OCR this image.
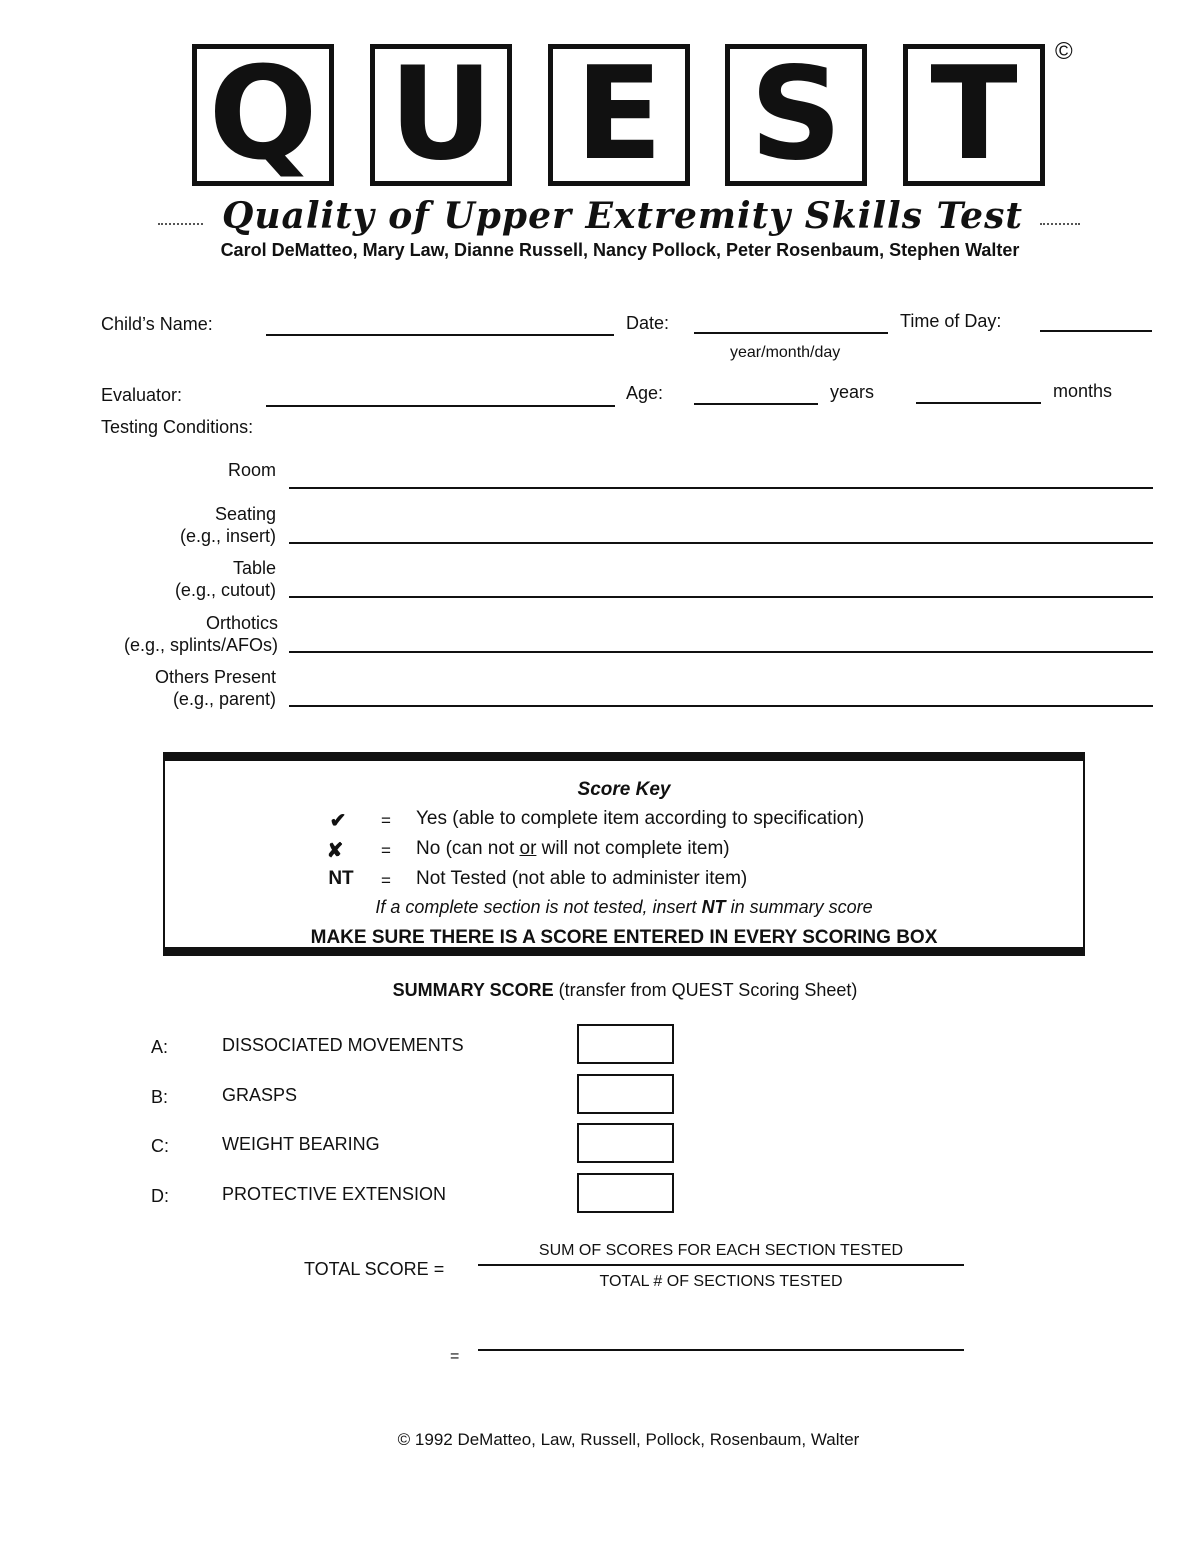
Q U E S T	©
Quality of Upper Extremity Skills Test
Carol DeMatteo, Mary Law, Dianne Russell, Nancy Pollock, Peter Rosenbaum, Stephen Walter
Child’s Name:	Date:
year/month/day
Time of Day:
Evaluator:	Age:	years	months
Testing Conditions:
Room
Seating
(e.g., insert)
Table
(e.g., cutout)
Orthotics
(e.g., splints/AFOs)
Others Present
(e.g., parent)
Score Key
✔	= Yes (able to complete item according to specification)
✘	= No (can not or will not complete item)
NT	= Not Tested (not able to administer item)
If a complete section is not tested, insert NT in summary score
MAKE SURE THERE IS A SCORE ENTERED IN EVERY SCORING BOX
SUMMARY SCORE (transfer from QUEST Scoring Sheet)
A:	DISSOCIATED MOVEMENTS
B:	GRASPS
C:	WEIGHT BEARING
D:	PROTECTIVE EXTENSION
TOTAL SCORE =
SUM OF SCORES FOR EACH SECTION TESTED
TOTAL # OF SECTIONS TESTED
=
© 1992 DeMatteo, Law, Russell, Pollock, Rosenbaum, Walter
